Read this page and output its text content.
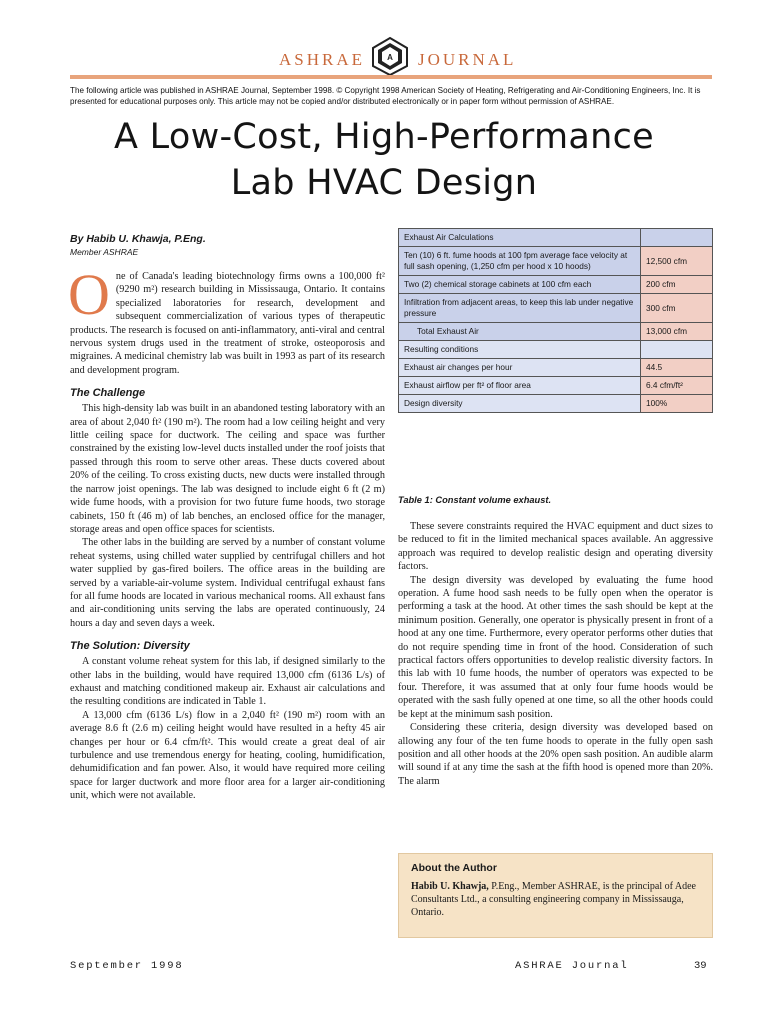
ASHRAE	A JOURNAL
The following article was published in ASHRAE Journal, September 1998. © Copyright 1998 American Society of Heating, Refrigerating and Air-Conditioning Engineers, Inc. It is presented for educational purposes only. This article may not be copied and/or distributed electronically or in paper form without permission of ASHRAE.
A Low-Cost, High-Performance
Lab HVAC Design
By Habib U. Khawja, P.Eng.
Member ASHRAE
One of Canada's leading biotechnology firms owns a 100,000 ft² (9290 m²) research building in Mississauga, Ontario. It contains specialized laboratories for research, development and subsequent commercialization of various types of therapeutic products. The research is focused on anti-inflammatory, anti-viral and central nervous system drugs used in the treatment of stroke, osteoporosis and migraines. A medicinal chemistry lab was built in 1993 as part of its research and development program.
The Challenge

This high-density lab was built in an abandoned testing laboratory with an area of about 2,040 ft² (190 m²). The room had a low ceiling height and very little ceiling space for ductwork. The ceiling and space was further constrained by the existing low-level ducts installed under the roof joists that passed through this room to serve other areas. These ducts covered about 20% of the ceiling. To cross existing ducts, new ducts were installed through the narrow joist openings. The lab was designed to include eight 6 ft (2 m) wide fume hoods, with a provision for two future fume hoods, two storage cabinets, 150 ft (46 m) of lab benches, an enclosed office for the manager, storage areas and open office spaces for scientists.

The other labs in the building are served by a number of constant volume reheat systems, using chilled water supplied by centrifugal chillers and hot water supplied by gas-fired boilers. The office areas in the building are served by a variable-air-volume system. Individual centrifugal exhaust fans for all fume hoods are located in various mechanical rooms. All exhaust fans and air-conditioning units serving the labs are operated continuously, 24 hours a day and seven days a week.

The Solution: Diversity

A constant volume reheat system for this lab, if designed similarly to the other labs in the building, would have required 13,000 cfm (6136 L/s) of exhaust and matching conditioned makeup air. Exhaust air calculations and the resulting conditions are indicated in Table 1.

A 13,000 cfm (6136 L/s) flow in a 2,040 ft² (190 m²) room with an average 8.6 ft (2.6 m) ceiling height would have resulted in a hefty 45 air changes per hour or 6.4 cfm/ft². This would create a great deal of air turbulence and use tremendous energy for heating, cooling, humidification, dehumidification and fan power. Also, it would have required more ceiling space for larger ductwork and more floor area for a larger air-conditioning unit, which were not available.

Exhaust Air Calculations	
Ten (10) 6 ft. fume hoods at 100 fpm average face velocity at full sash opening, (1,250 cfm per hood x 10 hoods)	12,500 cfm
Two (2) chemical storage cabinets at 100 cfm each	200 cfm
Infiltration from adjacent areas, to keep this lab under negative pressure	300 cfm
Total Exhaust Air	13,000 cfm
Resulting conditions	
Exhaust air changes per hour	44.5
Exhaust airflow per ft² of floor area	6.4 cfm/ft²
Design diversity	100%
Table 1: Constant volume exhaust.

These severe constraints required the HVAC equipment and duct sizes to be reduced to fit in the limited mechanical spaces available. An aggressive approach was required to develop realistic design and operating diversity factors.

The design diversity was developed by evaluating the fume hood operation. A fume hood sash needs to be fully open when the operator is performing a task at the hood. At other times the sash should be kept at the minimum position. Generally, one operator is physically present in front of a hood at any one time. Furthermore, every operator performs other duties that do not require spending time in front of the hood. Consideration of such practical factors offers opportunities to develop realistic diversity factors. In this lab with 10 fume hoods, the number of operators was expected to be four. Therefore, it was assumed that at only four fume hoods would be operated with the sash fully opened at one time, so all the other hoods could be kept at the minimum sash position.

Considering these criteria, design diversity was developed based on allowing any four of the ten fume hoods to operate in the fully open sash position and all other hoods at the 20% open sash position. An audible alarm will sound if at any time the sash at the fifth hood is opened more than 20%. The alarm

About the Author
Habib U. Khawja, P.Eng., Member ASHRAE, is the principal of Adee Consultants Ltd., a consulting engineering company in Mississauga, Ontario.
September 1998	ASHRAE Journal	39
